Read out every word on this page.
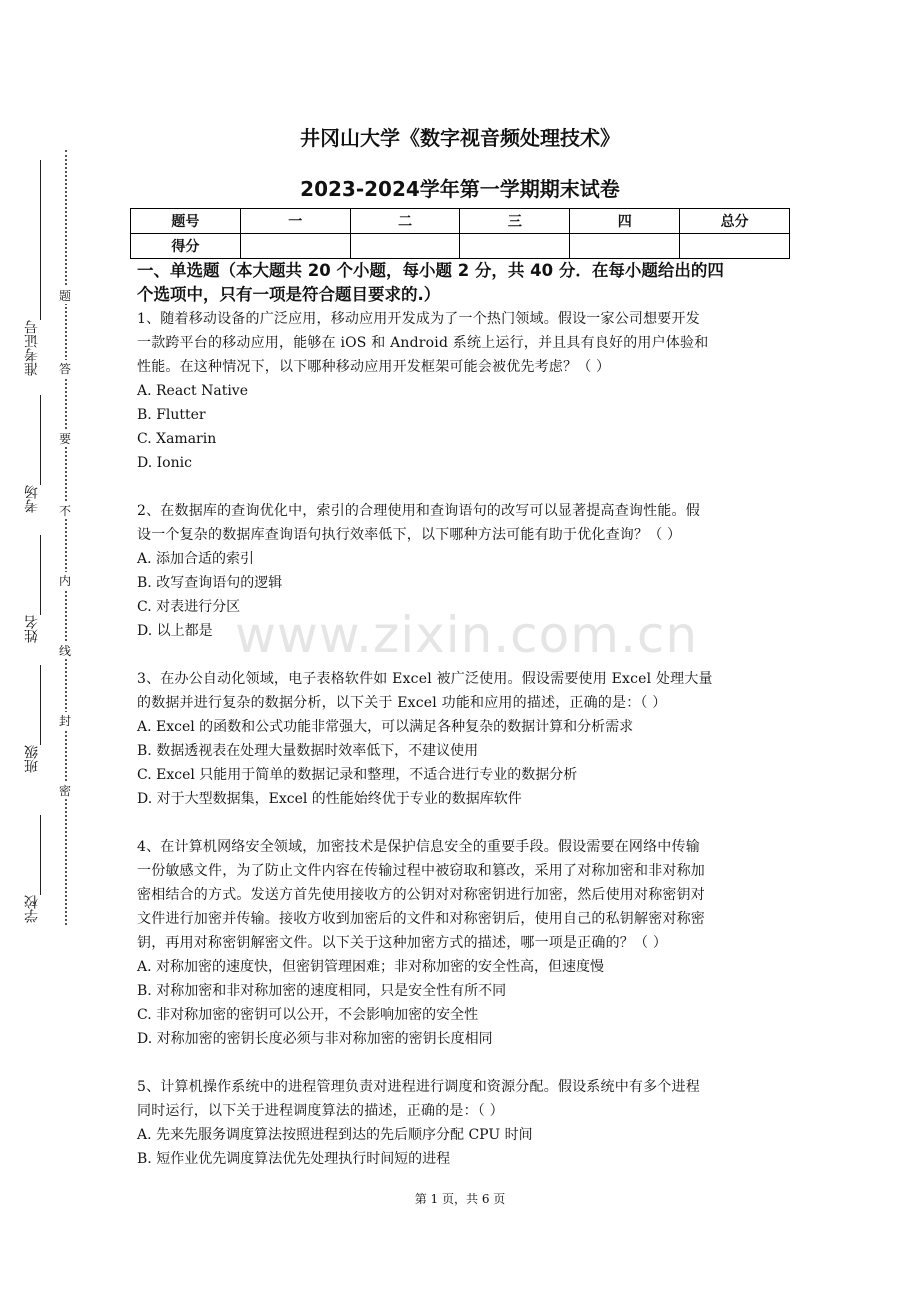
题
答
要
不
内
线
封
密
准考证号
考场
姓名
班级
学校
井冈山大学《数字视音频处理技术》
2023-2024学年第一学期期末试卷
题号	一	二	三	四	总分
得分					

一、单选题（本大题共 20 个小题，每小题 2 分，共 40 分．在每小题给出的四

个选项中，只有一项是符合题目要求的.）

1、随着移动设备的广泛应用，移动应用开发成为了一个热门领域。假设一家公司想要开发

一款跨平台的移动应用，能够在 iOS 和 Android 系统上运行，并且具有良好的用户体验和

性能。在这种情况下，以下哪种移动应用开发框架可能会被优先考虑？（ ）

A. React Native

B. Flutter

C. Xamarin

D. Ionic

2、在数据库的查询优化中，索引的合理使用和查询语句的改写可以显著提高查询性能。假

设一个复杂的数据库查询语句执行效率低下，以下哪种方法可能有助于优化查询？（ ）

A. 添加合适的索引

B. 改写查询语句的逻辑

C. 对表进行分区

D. 以上都是

3、在办公自动化领域，电子表格软件如 Excel 被广泛使用。假设需要使用 Excel 处理大量

的数据并进行复杂的数据分析，以下关于 Excel 功能和应用的描述，正确的是：（ ）

A. Excel 的函数和公式功能非常强大，可以满足各种复杂的数据计算和分析需求

B. 数据透视表在处理大量数据时效率低下，不建议使用

C. Excel 只能用于简单的数据记录和整理，不适合进行专业的数据分析

D. 对于大型数据集，Excel 的性能始终优于专业的数据库软件

4、在计算机网络安全领域，加密技术是保护信息安全的重要手段。假设需要在网络中传输

一份敏感文件，为了防止文件内容在传输过程中被窃取和篡改，采用了对称加密和非对称加

密相结合的方式。发送方首先使用接收方的公钥对对称密钥进行加密，然后使用对称密钥对

文件进行加密并传输。接收方收到加密后的文件和对称密钥后，使用自己的私钥解密对称密

钥，再用对称密钥解密文件。以下关于这种加密方式的描述，哪一项是正确的？（ ）

A. 对称加密的速度快，但密钥管理困难；非对称加密的安全性高，但速度慢

B. 对称加密和非对称加密的速度相同，只是安全性有所不同

C. 非对称加密的密钥可以公开，不会影响加密的安全性

D. 对称加密的密钥长度必须与非对称加密的密钥长度相同

5、计算机操作系统中的进程管理负责对进程进行调度和资源分配。假设系统中有多个进程

同时运行，以下关于进程调度算法的描述，正确的是：（ ）

A. 先来先服务调度算法按照进程到达的先后顺序分配 CPU 时间

B. 短作业优先调度算法优先处理执行时间短的进程

www.zixin.com.cn
第 1 页，共 6 页
